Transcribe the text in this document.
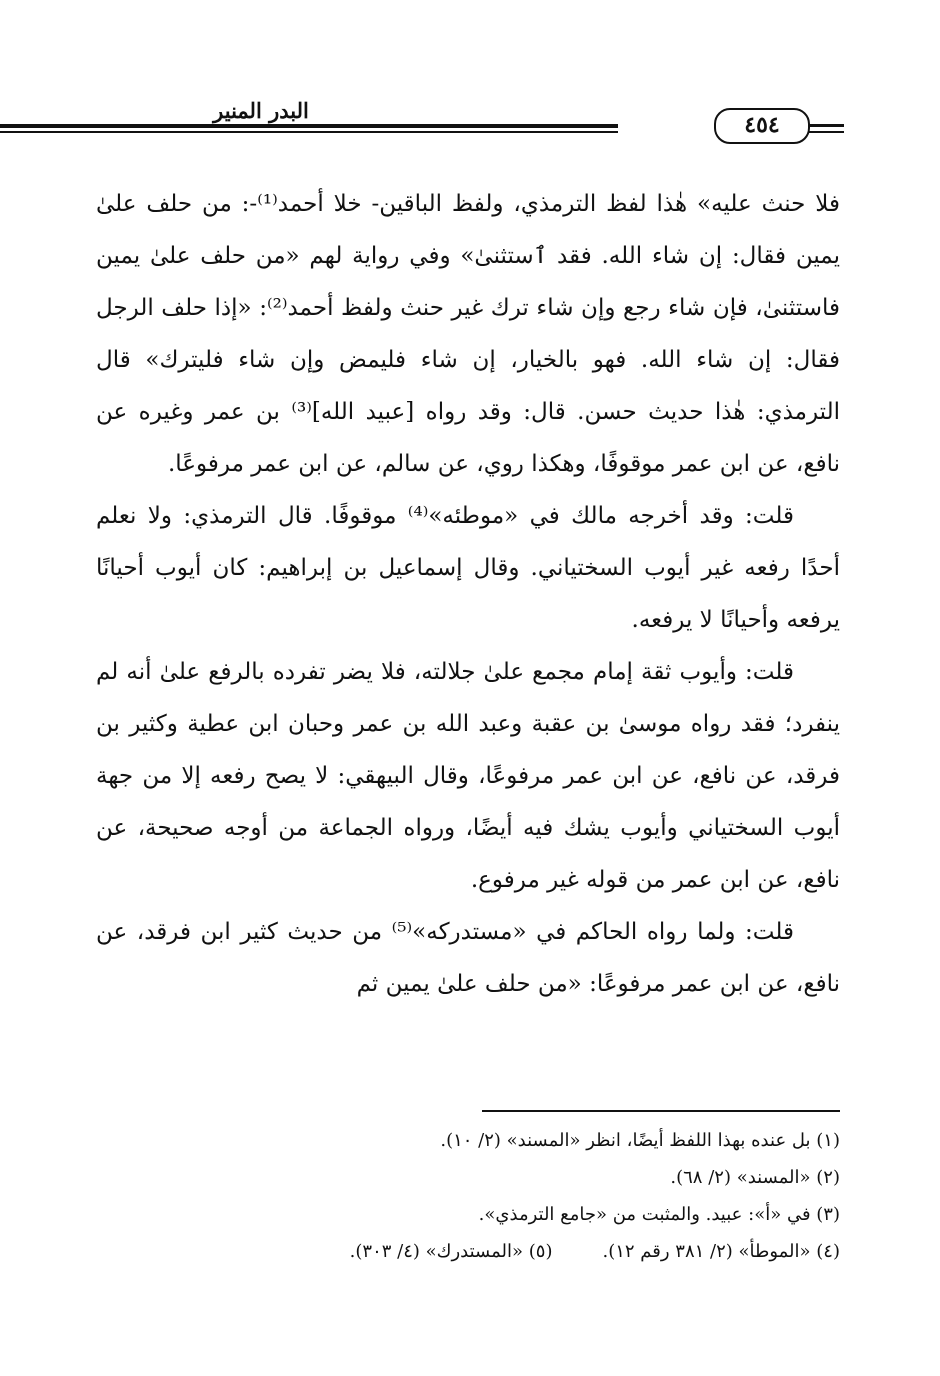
البدر المنير
٤٥٤

فلا حنث عليه» هٰذا لفظ الترمذي، ولفظ الباقين- خلا أحمد⁽¹⁾-: من حلف علىٰ يمين فقال: إن شاء الله. فقد ٱستثنىٰ» وفي رواية لهم «من حلف علىٰ يمين فاستثنىٰ، فإن شاء رجع وإن شاء ترك غير حنث ولفظ أحمد⁽²⁾: «إذا حلف الرجل فقال: إن شاء الله. فهو بالخيار، إن شاء فليمض وإن شاء فليترك» قال الترمذي: هٰذا حديث حسن. قال: وقد رواه [عبيد الله]⁽³⁾ بن عمر وغيره عن نافع، عن ابن عمر موقوفًا، وهكذا روي، عن سالم، عن ابن عمر مرفوعًا.

قلت: وقد أخرجه مالك في «موطئه»⁽⁴⁾ موقوفًا. قال الترمذي: ولا نعلم أحدًا رفعه غير أيوب السختياني. وقال إسماعيل بن إبراهيم: كان أيوب أحيانًا يرفعه وأحيانًا لا يرفعه.

قلت: وأيوب ثقة إمام مجمع علىٰ جلالته، فلا يضر تفرده بالرفع علىٰ أنه لم ينفرد؛ فقد رواه موسىٰ بن عقبة وعبد الله بن عمر وحبان ابن عطية وكثير بن فرقد، عن نافع، عن ابن عمر مرفوعًا، وقال البيهقي: لا يصح رفعه إلا من جهة أيوب السختياني وأيوب يشك فيه أيضًا، ورواه الجماعة من أوجه صحيحة، عن نافع، عن ابن عمر من قوله غير مرفوع.

قلت: ولما رواه الحاكم في «مستدركه»⁽⁵⁾ من حديث كثير ابن فرقد، عن نافع، عن ابن عمر مرفوعًا: «من حلف علىٰ يمين ثم

(١) بل عنده بهذا اللفظ أيضًا، انظر «المسند» (٢/ ١٠).

(٢) «المسند» (٢/ ٦٨).

(٣) في «أ»: عبيد. والمثبت من «جامع الترمذي».

(٤) «الموطأ» (٢/ ٣٨١ رقم ١٢).
(٥) «المستدرك» (٤/ ٣٠٣).
